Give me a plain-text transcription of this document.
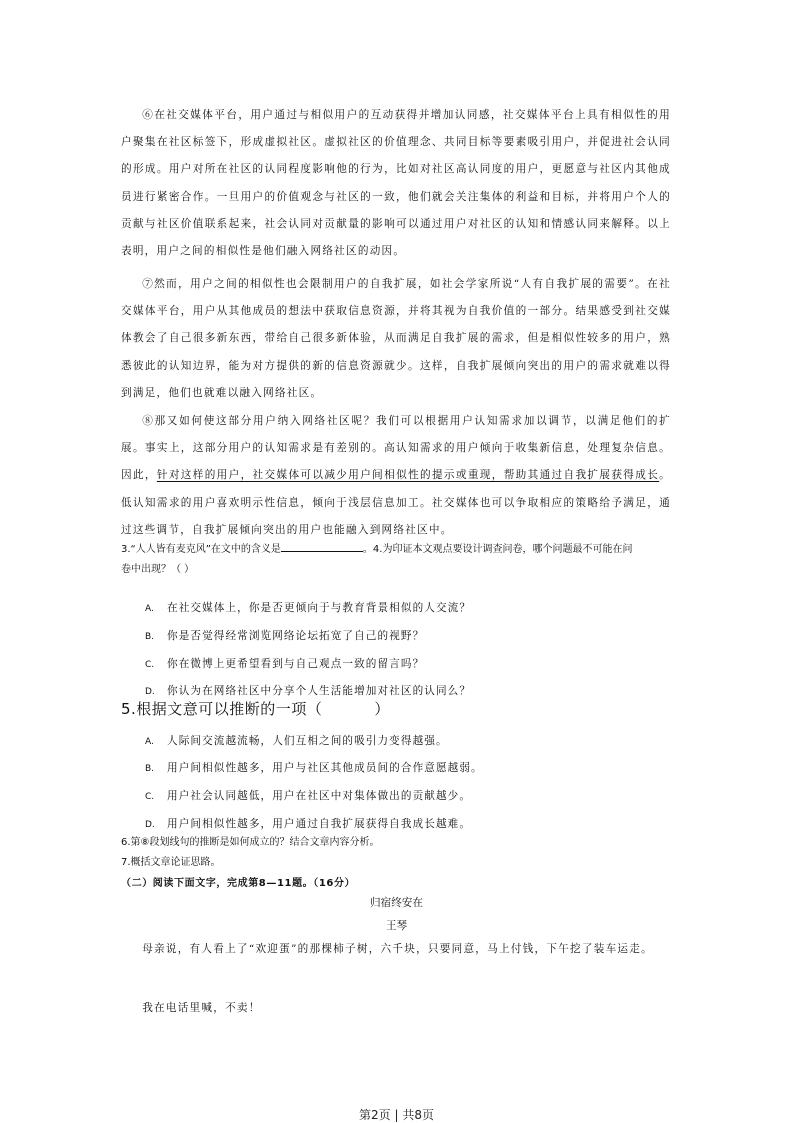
⑥在社交媒体平台，用户通过与相似用户的互动获得并增加认同感，社交媒体平台上具有相似性的用户聚集在社区标签下，形成虚拟社区。虚拟社区的价值理念、共同目标等要素吸引用户，并促进社会认同的形成。用户对所在社区的认同程度影响他的行为，比如对社区高认同度的用户，更愿意与社区内其他成员进行紧密合作。一旦用户的价值观念与社区的一致，他们就会关注集体的利益和目标，并将用户个人的贡献与社区价值联系起来，社会认同对贡献量的影响可以通过用户对社区的认知和情感认同来解释。以上表明，用户之间的相似性是他们融入网络社区的动因。

⑦然而，用户之间的相似性也会限制用户的自我扩展，如社会学家所说“人有自我扩展的需要”。在社交媒体平台，用户从其他成员的想法中获取信息资源，并将其视为自我价值的一部分。结果感受到社交媒体教会了自己很多新东西，带给自己很多新体验，从而满足自我扩展的需求，但是相似性较多的用户，熟悉彼此的认知边界，能为对方提供的新的信息资源就少。这样，自我扩展倾向突出的用户的需求就难以得到满足，他们也就难以融入网络社区。

⑧那又如何使这部分用户纳入网络社区呢？我们可以根据用户认知需求加以调节，以满足他们的扩展。事实上，这部分用户的认知需求是有差别的。高认知需求的用户倾向于收集新信息，处理复杂信息。因此，针对这样的用户，社交媒体可以减少用户间相似性的提示或重现，帮助其通过自我扩展获得成长。低认知需求的用户喜欢明示性信息，倾向于浅层信息加工。社交媒体也可以争取相应的策略给予满足，通过这些调节，自我扩展倾向突出的用户也能融入到网络社区中。

3.“人人皆有麦克风”在文中的含义是	。4.为印证本文观点要设计调查问卷，哪个问题最不可能在问
卷中出现？（ ）
A. 在社交媒体上，你是否更倾向于与教育背景相似的人交流？
B. 你是否觉得经常浏览网络论坛拓宽了自己的视野？
C. 你在微博上更希望看到与自己观点一致的留言吗？
D. 你认为在网络社区中分享个人生活能增加对社区的认同么？
5.根据文意可以推断的一项（	）
A. 人际间交流越流畅，人们互相之间的吸引力变得越强。
B. 用户间相似性越多，用户与社区其他成员间的合作意愿越弱。
C. 用户社会认同越低，用户在社区中对集体做出的贡献越少。
D. 用户间相似性越多，用户通过自我扩展获得自我成长越难。
6.第⑧段划线句的推断是如何成立的？结合文章内容分析。
7.概括文章论证思路。
（二）阅读下面文字，完成第8—11题。（16分）
归宿终安在
王琴

母亲说，有人看上了“欢迎蛋”的那棵柿子树，六千块，只要同意，马上付钱，下午挖了装车运走。

我在电话里喊，不卖！

第2页 | 共8页
